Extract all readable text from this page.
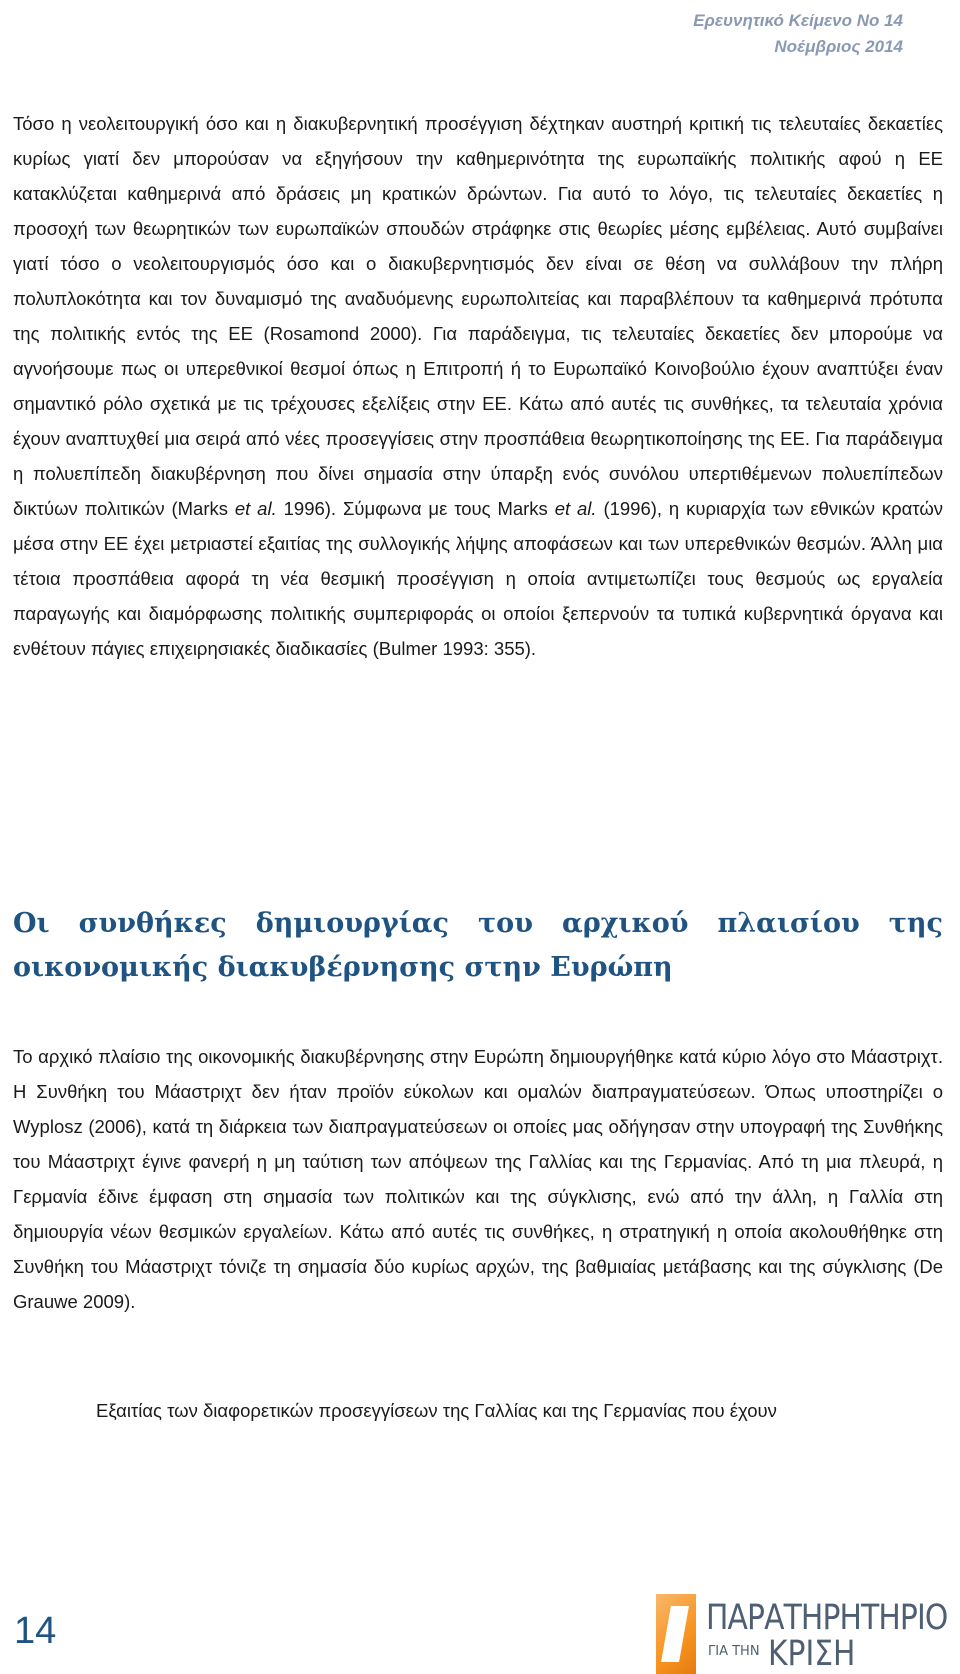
Ερευνητικό Κείμενο Νο 14
Νοέμβριος 2014
Τόσο η νεολειτουργική όσο και η διακυβερνητική προσέγγιση δέχτηκαν αυστηρή κριτική τις τελευταίες δεκαετίες κυρίως γιατί δεν μπορούσαν να εξηγήσουν την καθημερινότητα της ευρωπαϊκής πολιτικής αφού η ΕΕ κατακλύζεται καθημερινά από δράσεις μη κρατικών δρώντων. Για αυτό το λόγο, τις τελευταίες δεκαετίες η προσοχή των θεωρητικών των ευρωπαϊκών σπουδών στράφηκε στις θεωρίες μέσης εμβέλειας. Αυτό συμβαίνει γιατί τόσο ο νεολειτουργισμός όσο και ο διακυβερνητισμός δεν είναι σε θέση να συλλάβουν την πλήρη πολυπλοκότητα και τον δυναμισμό της αναδυόμενης ευρωπολιτείας και παραβλέπουν τα καθημερινά πρότυπα της πολιτικής εντός της ΕΕ (Rosamond 2000). Για παράδειγμα, τις τελευταίες δεκαετίες δεν μπορούμε να αγνοήσουμε πως οι υπερεθνικοί θεσμοί όπως η Επιτροπή ή το Ευρωπαϊκό Κοινοβούλιο έχουν αναπτύξει έναν σημαντικό ρόλο σχετικά με τις τρέχουσες εξελίξεις στην ΕΕ. Κάτω από αυτές τις συνθήκες, τα τελευταία χρόνια έχουν αναπτυχθεί μια σειρά από νέες προσεγγίσεις στην προσπάθεια θεωρητικοποίησης της ΕΕ. Για παράδειγμα η πολυεπίπεδη διακυβέρνηση που δίνει σημασία στην ύπαρξη ενός συνόλου υπερτιθέμενων πολυεπίπεδων δικτύων πολιτικών (Marks et al. 1996). Σύμφωνα με τους Marks et al. (1996), η κυριαρχία των εθνικών κρατών μέσα στην ΕΕ έχει μετριαστεί εξαιτίας της συλλογικής λήψης αποφάσεων και των υπερεθνικών θεσμών. Άλλη μια τέτοια προσπάθεια αφορά τη νέα θεσμική προσέγγιση η οποία αντιμετωπίζει τους θεσμούς ως εργαλεία παραγωγής και διαμόρφωσης πολιτικής συμπεριφοράς οι οποίοι ξεπερνούν τα τυπικά κυβερνητικά όργανα και ενθέτουν πάγιες επιχειρησιακές διαδικασίες (Bulmer 1993: 355).
Οι συνθήκες δημιουργίας του αρχικού πλαισίου της οικονομικής διακυβέρνησης στην Ευρώπη
Το αρχικό πλαίσιο της οικονομικής διακυβέρνησης στην Ευρώπη δημιουργήθηκε κατά κύριο λόγο στο Μάαστριχτ. Η Συνθήκη του Μάαστριχτ δεν ήταν προϊόν εύκολων και ομαλών διαπραγματεύσεων. Όπως υποστηρίζει ο Wyplosz (2006), κατά τη διάρκεια των διαπραγματεύσεων οι οποίες μας οδήγησαν στην υπογραφή της Συνθήκης του Μάαστριχτ έγινε φανερή η μη ταύτιση των απόψεων της Γαλλίας και της Γερμανίας. Από τη μια πλευρά, η Γερμανία έδινε έμφαση στη σημασία των πολιτικών και της σύγκλισης, ενώ από την άλλη, η Γαλλία στη δημιουργία νέων θεσμικών εργαλείων. Κάτω από αυτές τις συνθήκες, η στρατηγική η οποία ακολουθήθηκε στη Συνθήκη του Μάαστριχτ τόνιζε τη σημασία δύο κυρίως αρχών, της βαθμιαίας μετάβασης και της σύγκλισης (De Grauwe 2009).
Εξαιτίας των διαφορετικών προσεγγίσεων της Γαλλίας και της Γερμανίας που έχουν
14	ΠΑΡΑΤΗΡΗΤΗΡΙΟ
ΓΙΑ ΤΗΝ ΚΡΙΣΗ
